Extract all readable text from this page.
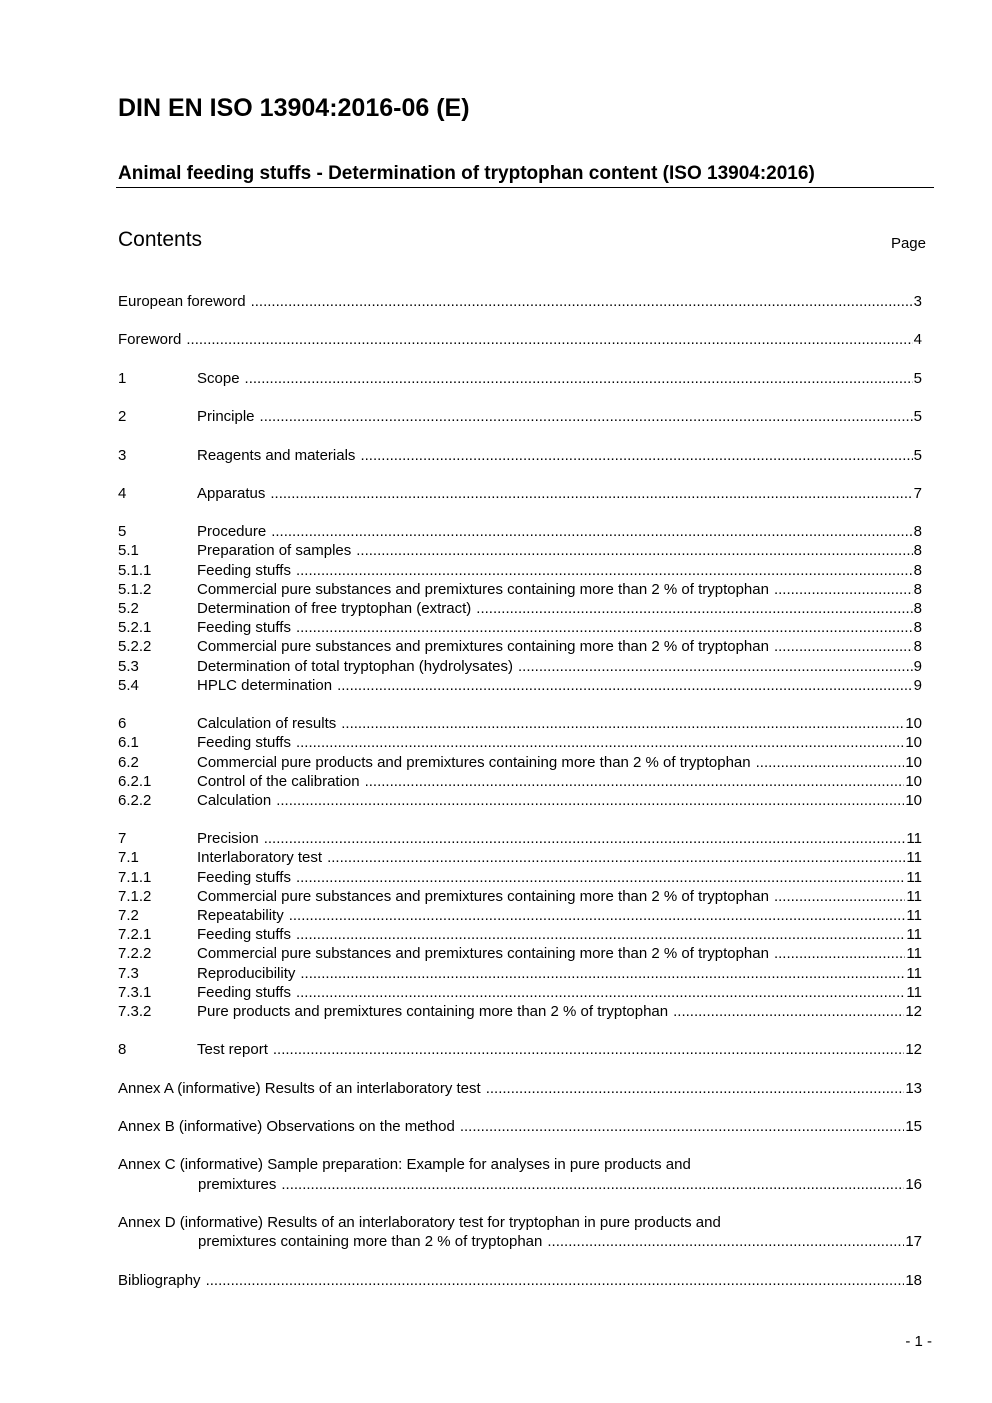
DIN EN ISO 13904:2016-06 (E)
Animal feeding stuffs - Determination of tryptophan content (ISO 13904:2016)
Contents	Page
European foreword .....	3
Foreword .....	4
1	Scope .....	5
2	Principle .....	5
3	Reagents and materials .....	5
4	Apparatus .....	7
5	Procedure .....	8
5.1	Preparation of samples .....	8
5.1.1	Feeding stuffs .....	8
5.1.2	Commercial pure substances and premixtures containing more than 2 % of tryptophan .....	8
5.2	Determination of free tryptophan (extract) .....	8
5.2.1	Feeding stuffs .....	8
5.2.2	Commercial pure substances and premixtures containing more than 2 % of tryptophan .....	8
5.3	Determination of total tryptophan (hydrolysates) .....	9
5.4	HPLC determination .....	9
6	Calculation of results .....	10
6.1	Feeding stuffs .....	10
6.2	Commercial pure products and premixtures containing more than 2 % of tryptophan .....	10
6.2.1	Control of the calibration .....	10
6.2.2	Calculation .....	10
7	Precision .....	11
7.1	Interlaboratory test .....	11
7.1.1	Feeding stuffs .....	11
7.1.2	Commercial pure substances and premixtures containing more than 2 % of tryptophan .....	11
7.2	Repeatability .....	11
7.2.1	Feeding stuffs .....	11
7.2.2	Commercial pure substances and premixtures containing more than 2 % of tryptophan .....	11
7.3	Reproducibility .....	11
7.3.1	Feeding stuffs .....	11
7.3.2	Pure products and premixtures containing more than 2 % of tryptophan .....	12
8	Test report .....	12
Annex A (informative) Results of an interlaboratory test .....	13
Annex B (informative) Observations on the method .....	15
Annex C (informative) Sample preparation: Example for analyses in pure products and
premixtures .....	16
Annex D (informative) Results of an interlaboratory test for tryptophan in pure products and
premixtures containing more than 2 % of tryptophan .....	17
Bibliography .....	18
- 1 -
